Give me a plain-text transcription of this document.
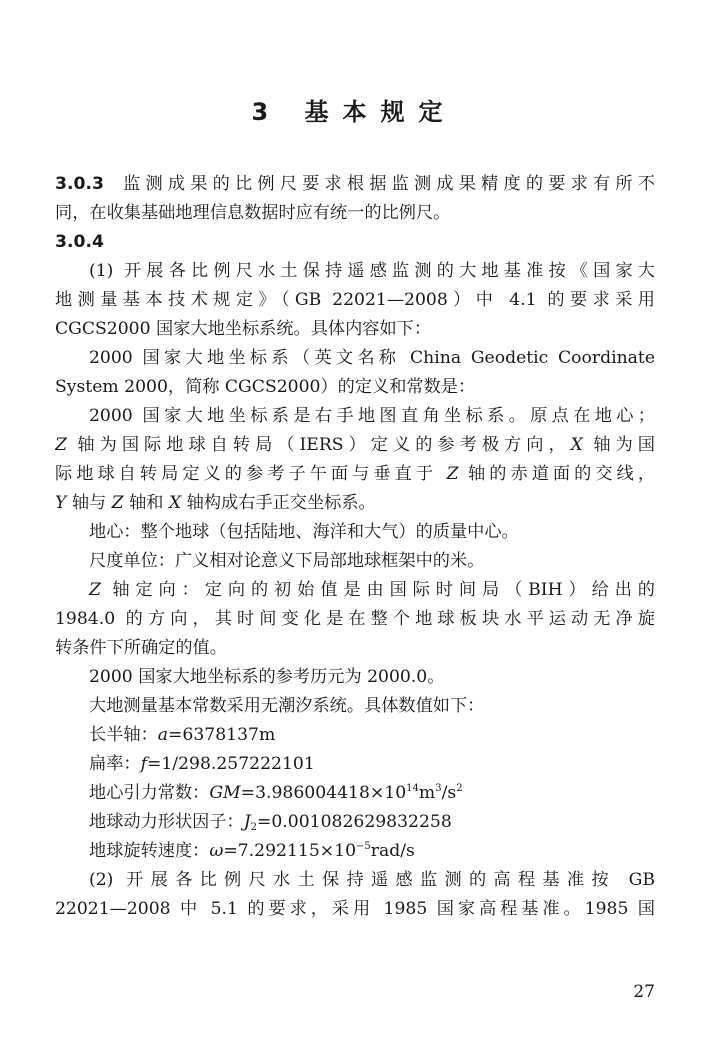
3 基本规定
3.0.3 监测成果的比例尺要求根据监测成果精度的要求有所不
同，在收集基础地理信息数据时应有统一的比例尺。
3.0.4
(1) 开展各比例尺水土保持遥感监测的大地基准按《国家大
地测量基本技术规定》（GB 22021—2008）中 4.1 的要求采用
CGCS2000 国家大地坐标系统。具体内容如下：
2000 国家大地坐标系（英文名称 China Geodetic Coordinate
System 2000，简称 CGCS2000）的定义和常数是：
2000 国家大地坐标系是右手地图直角坐标系。原点在地心；
Z 轴为国际地球自转局（IERS）定义的参考极方向，X 轴为国
际地球自转局定义的参考子午面与垂直于 Z 轴的赤道面的交线，
Y 轴与 Z 轴和 X 轴构成右手正交坐标系。
地心：整个地球（包括陆地、海洋和大气）的质量中心。
尺度单位：广义相对论意义下局部地球框架中的米。
Z 轴定向：定向的初始值是由国际时间局（BIH）给出的
1984.0 的方向，其时间变化是在整个地球板块水平运动无净旋
转条件下所确定的值。
2000 国家大地坐标系的参考历元为 2000.0。
大地测量基本常数采用无潮汐系统。具体数值如下：
长半轴：a=6378137m
扁率：f=1/298.257222101
地心引力常数：$GM=3.986004418\times 10^{14}m^3/s^2$
地球动力形状因子：$J_2=0.001082629832258$
地球旋转速度：$\omega=7.292115\times 10^{-5}rad/s$
(2) 开展各比例尺水土保持遥感监测的高程基准按 GB
22021—2008 中 5.1 的要求，采用 1985 国家高程基准。1985 国
27
